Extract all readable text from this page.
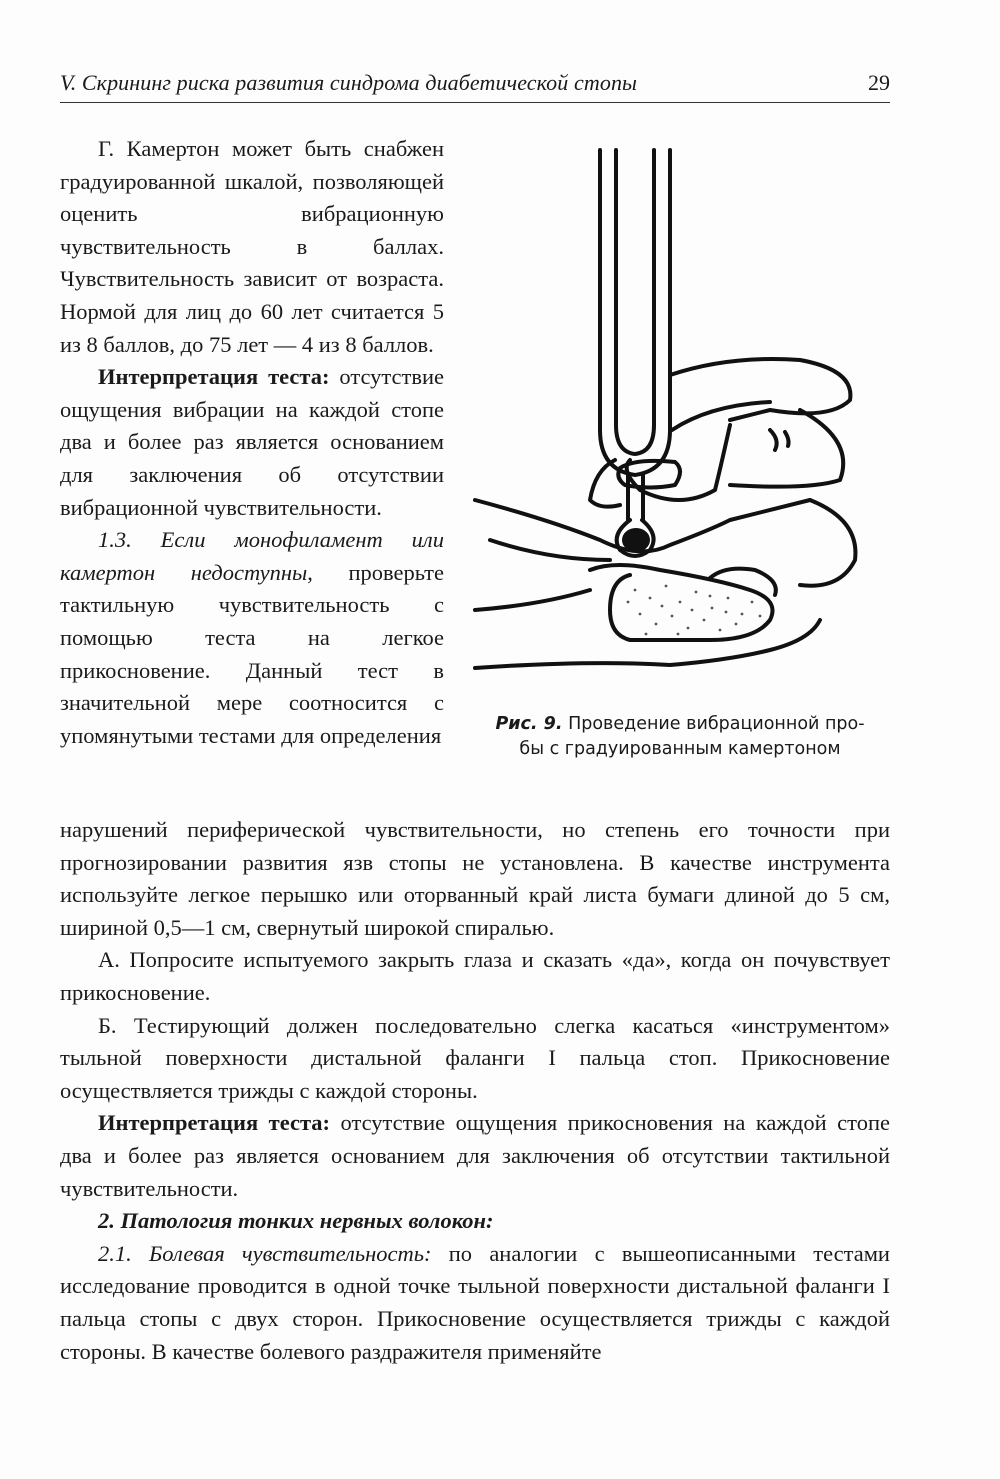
V. Скрининг риска развития синдрома диабетической стопы	29

Г. Камертон может быть снабжен градуированной шкалой, позволяющей оценить вибрационную чувствительность в баллах. Чувствительность зависит от возраста. Нормой для лиц до 60 лет считается 5 из 8 баллов, до 75 лет — 4 из 8 баллов.

Интерпретация теста: отсутствие ощущения вибрации на каждой стопе два и более раз является основанием для заключения об отсутствии вибрационной чувствительности.

1.3. Если монофиламент или камертон недоступны, проверьте тактильную чувствительность с помощью теста на легкое прикосновение. Данный тест в значительной мере соотносится с упомянутыми тестами для определения	Рис. 9. Проведение вибрационной про-
бы с градуированным камертоном

нарушений периферической чувствительности, но степень его точности при прогнозировании развития язв стопы не установлена. В качестве инструмента используйте легкое перышко или оторванный край листа бумаги длиной до 5 см, шириной 0,5—1 см, свернутый широкой спиралью.

А. Попросите испытуемого закрыть глаза и сказать «да», когда он почувствует прикосновение.

Б. Тестирующий должен последовательно слегка касаться «инструментом» тыльной поверхности дистальной фаланги I пальца стоп. Прикосновение осуществляется трижды с каждой стороны.

Интерпретация теста: отсутствие ощущения прикосновения на каждой стопе два и более раз является основанием для заключения об отсутствии тактильной чувствительности.

2. Патология тонких нервных волокон:

2.1. Болевая чувствительность: по аналогии с вышеописанными тестами исследование проводится в одной точке тыльной поверхности дистальной фаланги I пальца стопы с двух сторон. Прикосновение осуществляется трижды с каждой стороны. В качестве болевого раздражителя применяйте
